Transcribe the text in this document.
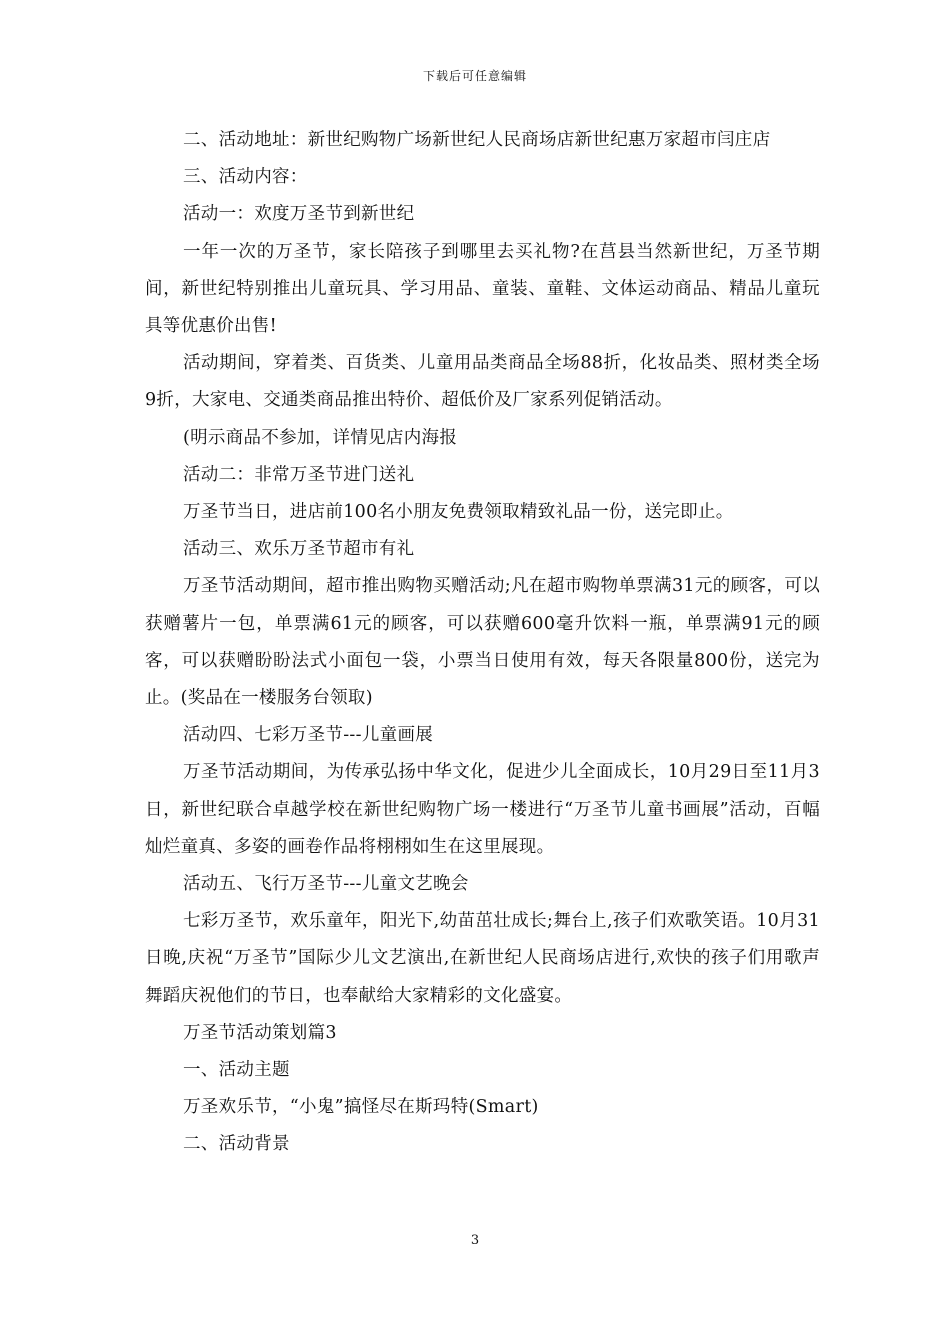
下载后可任意编辑

二、活动地址：新世纪购物广场新世纪人民商场店新世纪惠万家超市闫庄店

三、活动内容：

活动一：欢度万圣节到新世纪

一年一次的万圣节，家长陪孩子到哪里去买礼物?在莒县当然新世纪，万圣节期间，新世纪特别推出儿童玩具、学习用品、童装、童鞋、文体运动商品、精品儿童玩具等优惠价出售!

活动期间，穿着类、百货类、儿童用品类商品全场88折，化妆品类、照材类全场9折，大家电、交通类商品推出特价、超低价及厂家系列促销活动。

(明示商品不参加，详情见店内海报

活动二：非常万圣节进门送礼

万圣节当日，进店前100名小朋友免费领取精致礼品一份，送完即止。

活动三、欢乐万圣节超市有礼

万圣节活动期间，超市推出购物买赠活动;凡在超市购物单票满31元的顾客，可以获赠薯片一包，单票满61元的顾客，可以获赠600毫升饮料一瓶，单票满91元的顾客，可以获赠盼盼法式小面包一袋，小票当日使用有效，每天各限量800份，送完为止。(奖品在一楼服务台领取)

活动四、七彩万圣节---儿童画展

万圣节活动期间，为传承弘扬中华文化，促进少儿全面成长，10月29日至11月3日，新世纪联合卓越学校在新世纪购物广场一楼进行“万圣节儿童书画展”活动，百幅灿烂童真、多姿的画卷作品将栩栩如生在这里展现。

活动五、飞行万圣节---儿童文艺晚会

七彩万圣节，欢乐童年，阳光下,幼苗茁壮成长;舞台上,孩子们欢歌笑语。10月31日晚,庆祝“万圣节”国际少儿文艺演出,在新世纪人民商场店进行,欢快的孩子们用歌声舞蹈庆祝他们的节日，也奉献给大家精彩的文化盛宴。

万圣节活动策划篇3

一、活动主题

万圣欢乐节，“小鬼”搞怪尽在斯玛特(Smart)

二、活动背景

3
